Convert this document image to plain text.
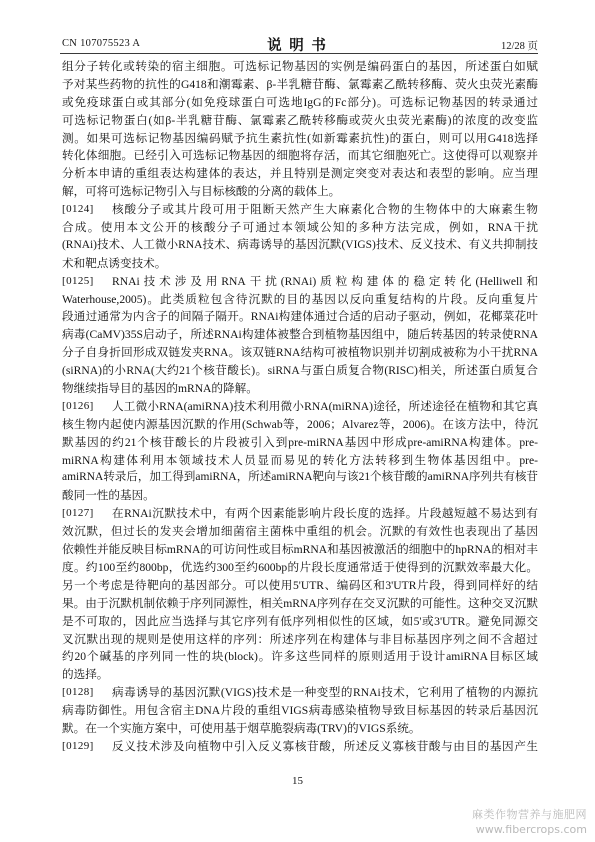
CN 107075523 A	说 明 书	12/28 页
组分子转化或转染的宿主细胞。可选标记物基因的实例是编码蛋白的基因，所述蛋白如赋
予对某些药物的抗性的G418和潮霉素、β-半乳糖苷酶、氯霉素乙酰转移酶、荧火虫荧光素酶
或免疫球蛋白或其部分(如免疫球蛋白可选地IgG的Fc部分)。可选标记物基因的转录通过
可选标记物蛋白(如β-半乳糖苷酶、氯霉素乙酰转移酶或荧火虫荧光素酶)的浓度的改变监
测。如果可选标记物基因编码赋予抗生素抗性(如新霉素抗性)的蛋白，则可以用G418选择
转化体细胞。已经引入可选标记物基因的细胞将存活，而其它细胞死亡。这使得可以观察并
分析本申请的重组表达构建体的表达，并且特别是测定突变对表达和表型的影响。应当理
解，可将可选标记物引入与目标核酸的分离的载体上。
[0124]	核酸分子或其片段可用于阻断天然产生大麻素化合物的生物体中的大麻素生物
合成。使用本文公开的核酸分子可通过本领域公知的多种方法完成，例如，RNA干扰
(RNAi)技术、人工微小RNA技术、病毒诱导的基因沉默(VIGS)技术、反义技术、有义共抑制技
术和靶点诱变技术。
[0125]	RNAi技术涉及用RNA干扰(RNAi)质粒构建体的稳定转化(Helliwell和
Waterhouse,2005)。此类质粒包含待沉默的目的基因以反向重复结构的片段。反向重复片
段通过通常为内含子的间隔子隔开。RNAi构建体通过合适的启动子驱动，例如，花椰菜花叶
病毒(CaMV)35S启动子，所述RNAi构建体被整合到植物基因组中，随后转基因的转录使RNA
分子自身折回形成双链发夹RNA。该双链RNA结构可被植物识别并切割成被称为小干扰RNA
(siRNA)的小RNA(大约21个核苷酸长)。siRNA与蛋白质复合物(RISC)相关，所述蛋白质复合
物继续指导目的基因的mRNA的降解。
[0126]	人工微小RNA(amiRNA)技术利用微小RNA(miRNA)途径，所述途径在植物和其它真
核生物内起使内源基因沉默的作用(Schwab等，2006；Alvarez等，2006)。在该方法中，待沉
默基因的约21个核苷酸长的片段被引入到pre-miRNA基因中形成pre-amiRNA构建体。pre-
miRNA构建体利用本领域技术人员显而易见的转化方法转移到生物体基因组中。pre-
amiRNA转录后，加工得到amiRNA，所述amiRNA靶向与该21个核苷酸的amiRNA序列共有核苷
酸同一性的基因。
[0127]	在RNAi沉默技术中，有两个因素能影响片段长度的选择。片段越短越不易达到有
效沉默，但过长的发夹会增加细菌宿主菌株中重组的机会。沉默的有效性也表现出了基因
依赖性并能反映目标mRNA的可访问性或目标mRNA和基因被激活的细胞中的hpRNA的相对丰
度。约100至约800bp，优选约300至约600bp的片段长度通常适于使得到的沉默效率最大化。
另一个考虑是待靶向的基因部分。可以使用5'UTR、编码区和3'UTR片段，得到同样好的结
果。由于沉默机制依赖于序列同源性，相关mRNA序列存在交叉沉默的可能性。这种交叉沉默
是不可取的，因此应当选择与其它序列有低序列相似性的区域，如5'或3'UTR。避免同源交
叉沉默出现的规则是使用这样的序列：所述序列在构建体与非目标基因序列之间不含超过
约20个碱基的序列同一性的块(block)。许多这些同样的原则适用于设计amiRNA目标区域
的选择。
[0128]	病毒诱导的基因沉默(VIGS)技术是一种变型的RNAi技术，它利用了植物的内源抗
病毒防御性。用包含宿主DNA片段的重组VIGS病毒感染植物导致目标基因的转录后基因沉
默。在一个实施方案中，可使用基于烟草脆裂病毒(TRV)的VIGS系统。
[0129]	反义技术涉及向植物中引入反义寡核苷酸，所述反义寡核苷酸与由目的基因产生
15
麻类作物营养与施肥网
www.fibercrops.com
